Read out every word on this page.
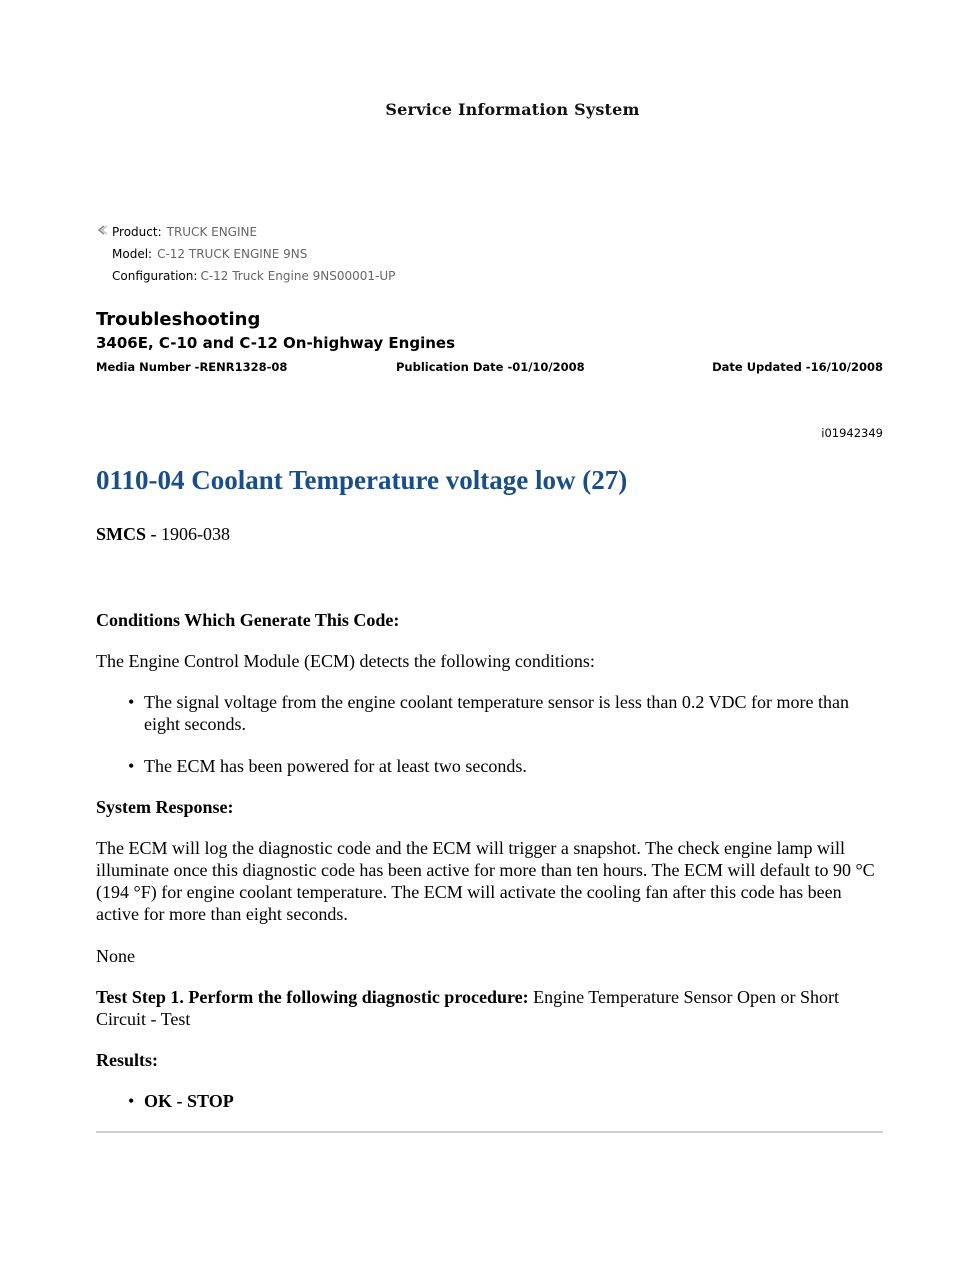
Service Information System
Product: TRUCK ENGINE
Model: C-12 TRUCK ENGINE 9NS
Configuration: C-12 Truck Engine 9NS00001-UP
Troubleshooting
3406E, C-10 and C-12 On-highway Engines
Media Number -RENR1328-08	Publication Date -01/10/2008	Date Updated -16/10/2008
i01942349
0110-04 Coolant Temperature voltage low (27)
SMCS - 1906-038
Conditions Which Generate This Code:
The Engine Control Module (ECM) detects the following conditions:
• The signal voltage from the engine coolant temperature sensor is less than 0.2 VDC for more than eight seconds.
• The ECM has been powered for at least two seconds.
System Response:
The ECM will log the diagnostic code and the ECM will trigger a snapshot. The check engine lamp will illuminate once this diagnostic code has been active for more than ten hours. The ECM will default to 90 °C (194 °F) for engine coolant temperature. The ECM will activate the cooling fan after this code has been active for more than eight seconds.
None
Test Step 1. Perform the following diagnostic procedure: Engine Temperature Sensor Open or Short Circuit - Test
Results:
• OK - STOP
